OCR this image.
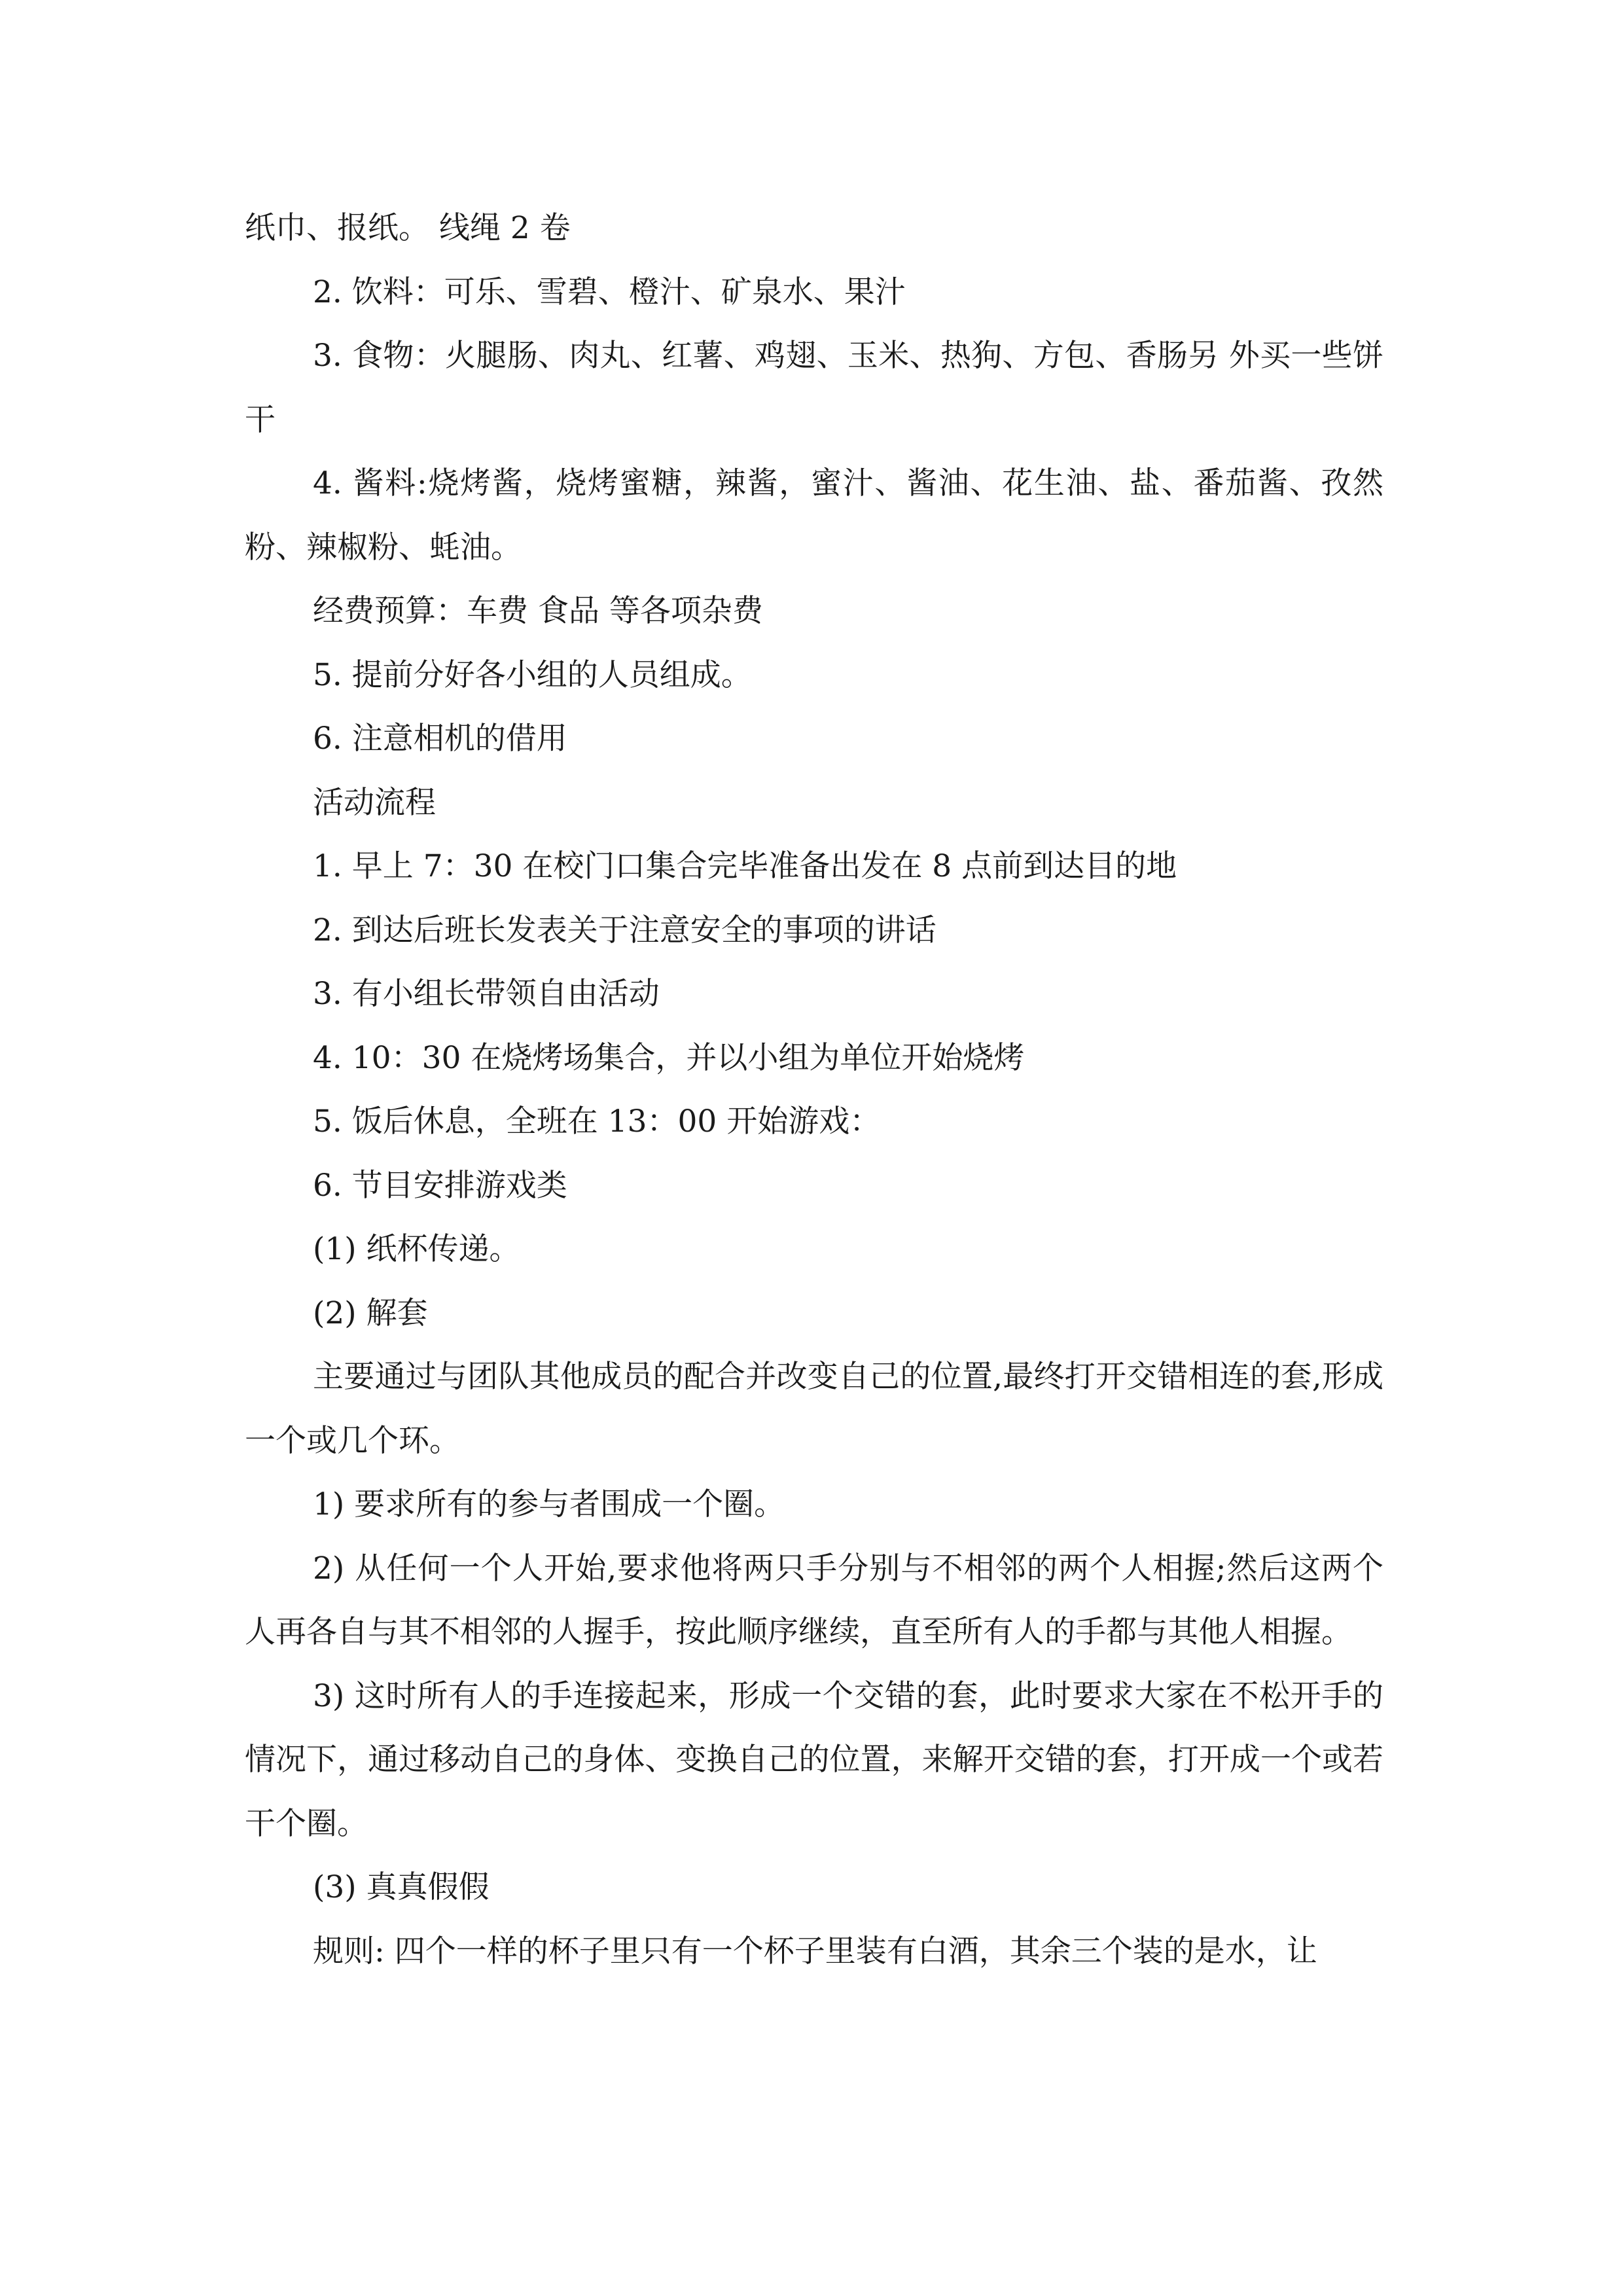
纸巾、报纸。 线绳 2 卷

2. 饮料：可乐、雪碧、橙汁、矿泉水、果汁

3. 食物：火腿肠、肉丸、红薯、鸡翅、玉米、热狗、方包、香肠另 外买一些饼干

4. 酱料:烧烤酱，烧烤蜜糖，辣酱，蜜汁、酱油、花生油、盐、番茄酱、孜然粉、辣椒粉、蚝油。

经费预算：车费 食品 等各项杂费

5. 提前分好各小组的人员组成。

6. 注意相机的借用

活动流程

1. 早上 7：30 在校门口集合完毕准备出发在 8 点前到达目的地

2. 到达后班长发表关于注意安全的事项的讲话

3. 有小组长带领自由活动

4. 10：30 在烧烤场集合，并以小组为单位开始烧烤

5. 饭后休息，全班在 13：00 开始游戏：

6. 节目安排游戏类

(1) 纸杯传递。

(2) 解套

主要通过与团队其他成员的配合并改变自己的位置,最终打开交错相连的套,形成一个或几个环。

1) 要求所有的参与者围成一个圈。

2) 从任何一个人开始,要求他将两只手分别与不相邻的两个人相握;然后这两个人再各自与其不相邻的人握手，按此顺序继续，直至所有人的手都与其他人相握。

3) 这时所有人的手连接起来，形成一个交错的套，此时要求大家在不松开手的情况下，通过移动自己的身体、变换自己的位置，来解开交错的套，打开成一个或若干个圈。

(3) 真真假假

规则: 四个一样的杯子里只有一个杯子里装有白酒，其余三个装的是水，让
